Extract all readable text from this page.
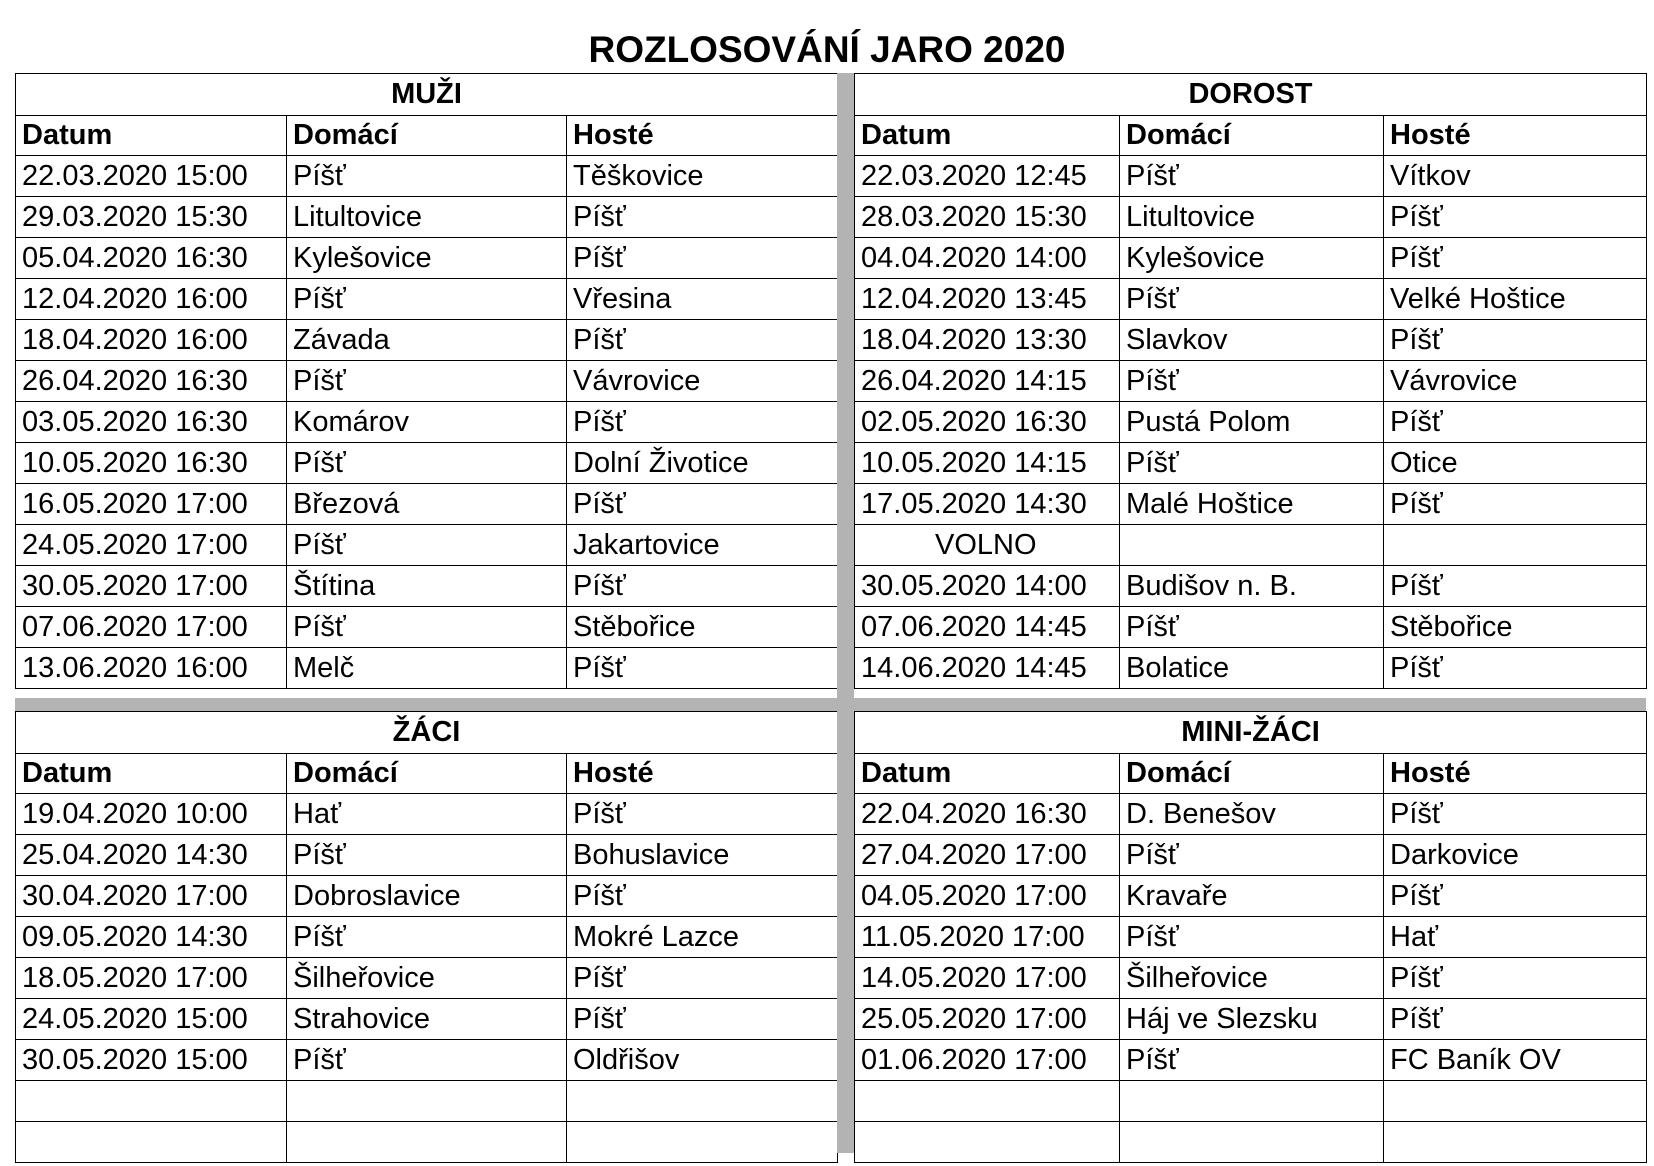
ROZLOSOVÁNÍ JARO 2020
MUŽI		
Datum	Domácí	Hosté
22.03.2020 15:00	Píšť	Těškovice
29.03.2020 15:30	Litultovice	Píšť
05.04.2020 16:30	Kylešovice	Píšť
12.04.2020 16:00	Píšť	Vřesina
18.04.2020 16:00	Závada	Píšť
26.04.2020 16:30	Píšť	Vávrovice
03.05.2020 16:30	Komárov	Píšť
10.05.2020 16:30	Píšť	Dolní Životice
16.05.2020 17:00	Březová	Píšť
24.05.2020 17:00	Píšť	Jakartovice
30.05.2020 17:00	Štítina	Píšť
07.06.2020 17:00	Píšť	Stěbořice
13.06.2020 16:00	Melč	Píšť
DOROST		
Datum	Domácí	Hosté
22.03.2020 12:45	Píšť	Vítkov
28.03.2020 15:30	Litultovice	Píšť
04.04.2020 14:00	Kylešovice	Píšť
12.04.2020 13:45	Píšť	Velké Hoštice
18.04.2020 13:30	Slavkov	Píšť
26.04.2020 14:15	Píšť	Vávrovice
02.05.2020 16:30	Pustá Polom	Píšť
10.05.2020 14:15	Píšť	Otice
17.05.2020 14:30	Malé Hoštice	Píšť
VOLNO		
30.05.2020 14:00	Budišov n. B.	Píšť
07.06.2020 14:45	Píšť	Stěbořice
14.06.2020 14:45	Bolatice	Píšť
ŽÁCI		
Datum	Domácí	Hosté
19.04.2020 10:00	Hať	Píšť
25.04.2020 14:30	Píšť	Bohuslavice
30.04.2020 17:00	Dobroslavice	Píšť
09.05.2020 14:30	Píšť	Mokré Lazce
18.05.2020 17:00	Šilheřovice	Píšť
24.05.2020 15:00	Strahovice	Píšť
30.05.2020 15:00	Píšť	Oldřišov

MINI-ŽÁCI		
Datum	Domácí	Hosté
22.04.2020 16:30	D. Benešov	Píšť
27.04.2020 17:00	Píšť	Darkovice
04.05.2020 17:00	Kravaře	Píšť
11.05.2020 17:00	Píšť	Hať
14.05.2020 17:00	Šilheřovice	Píšť
25.05.2020 17:00	Háj ve Slezsku	Píšť
01.06.2020 17:00	Píšť	FC Baník OV
